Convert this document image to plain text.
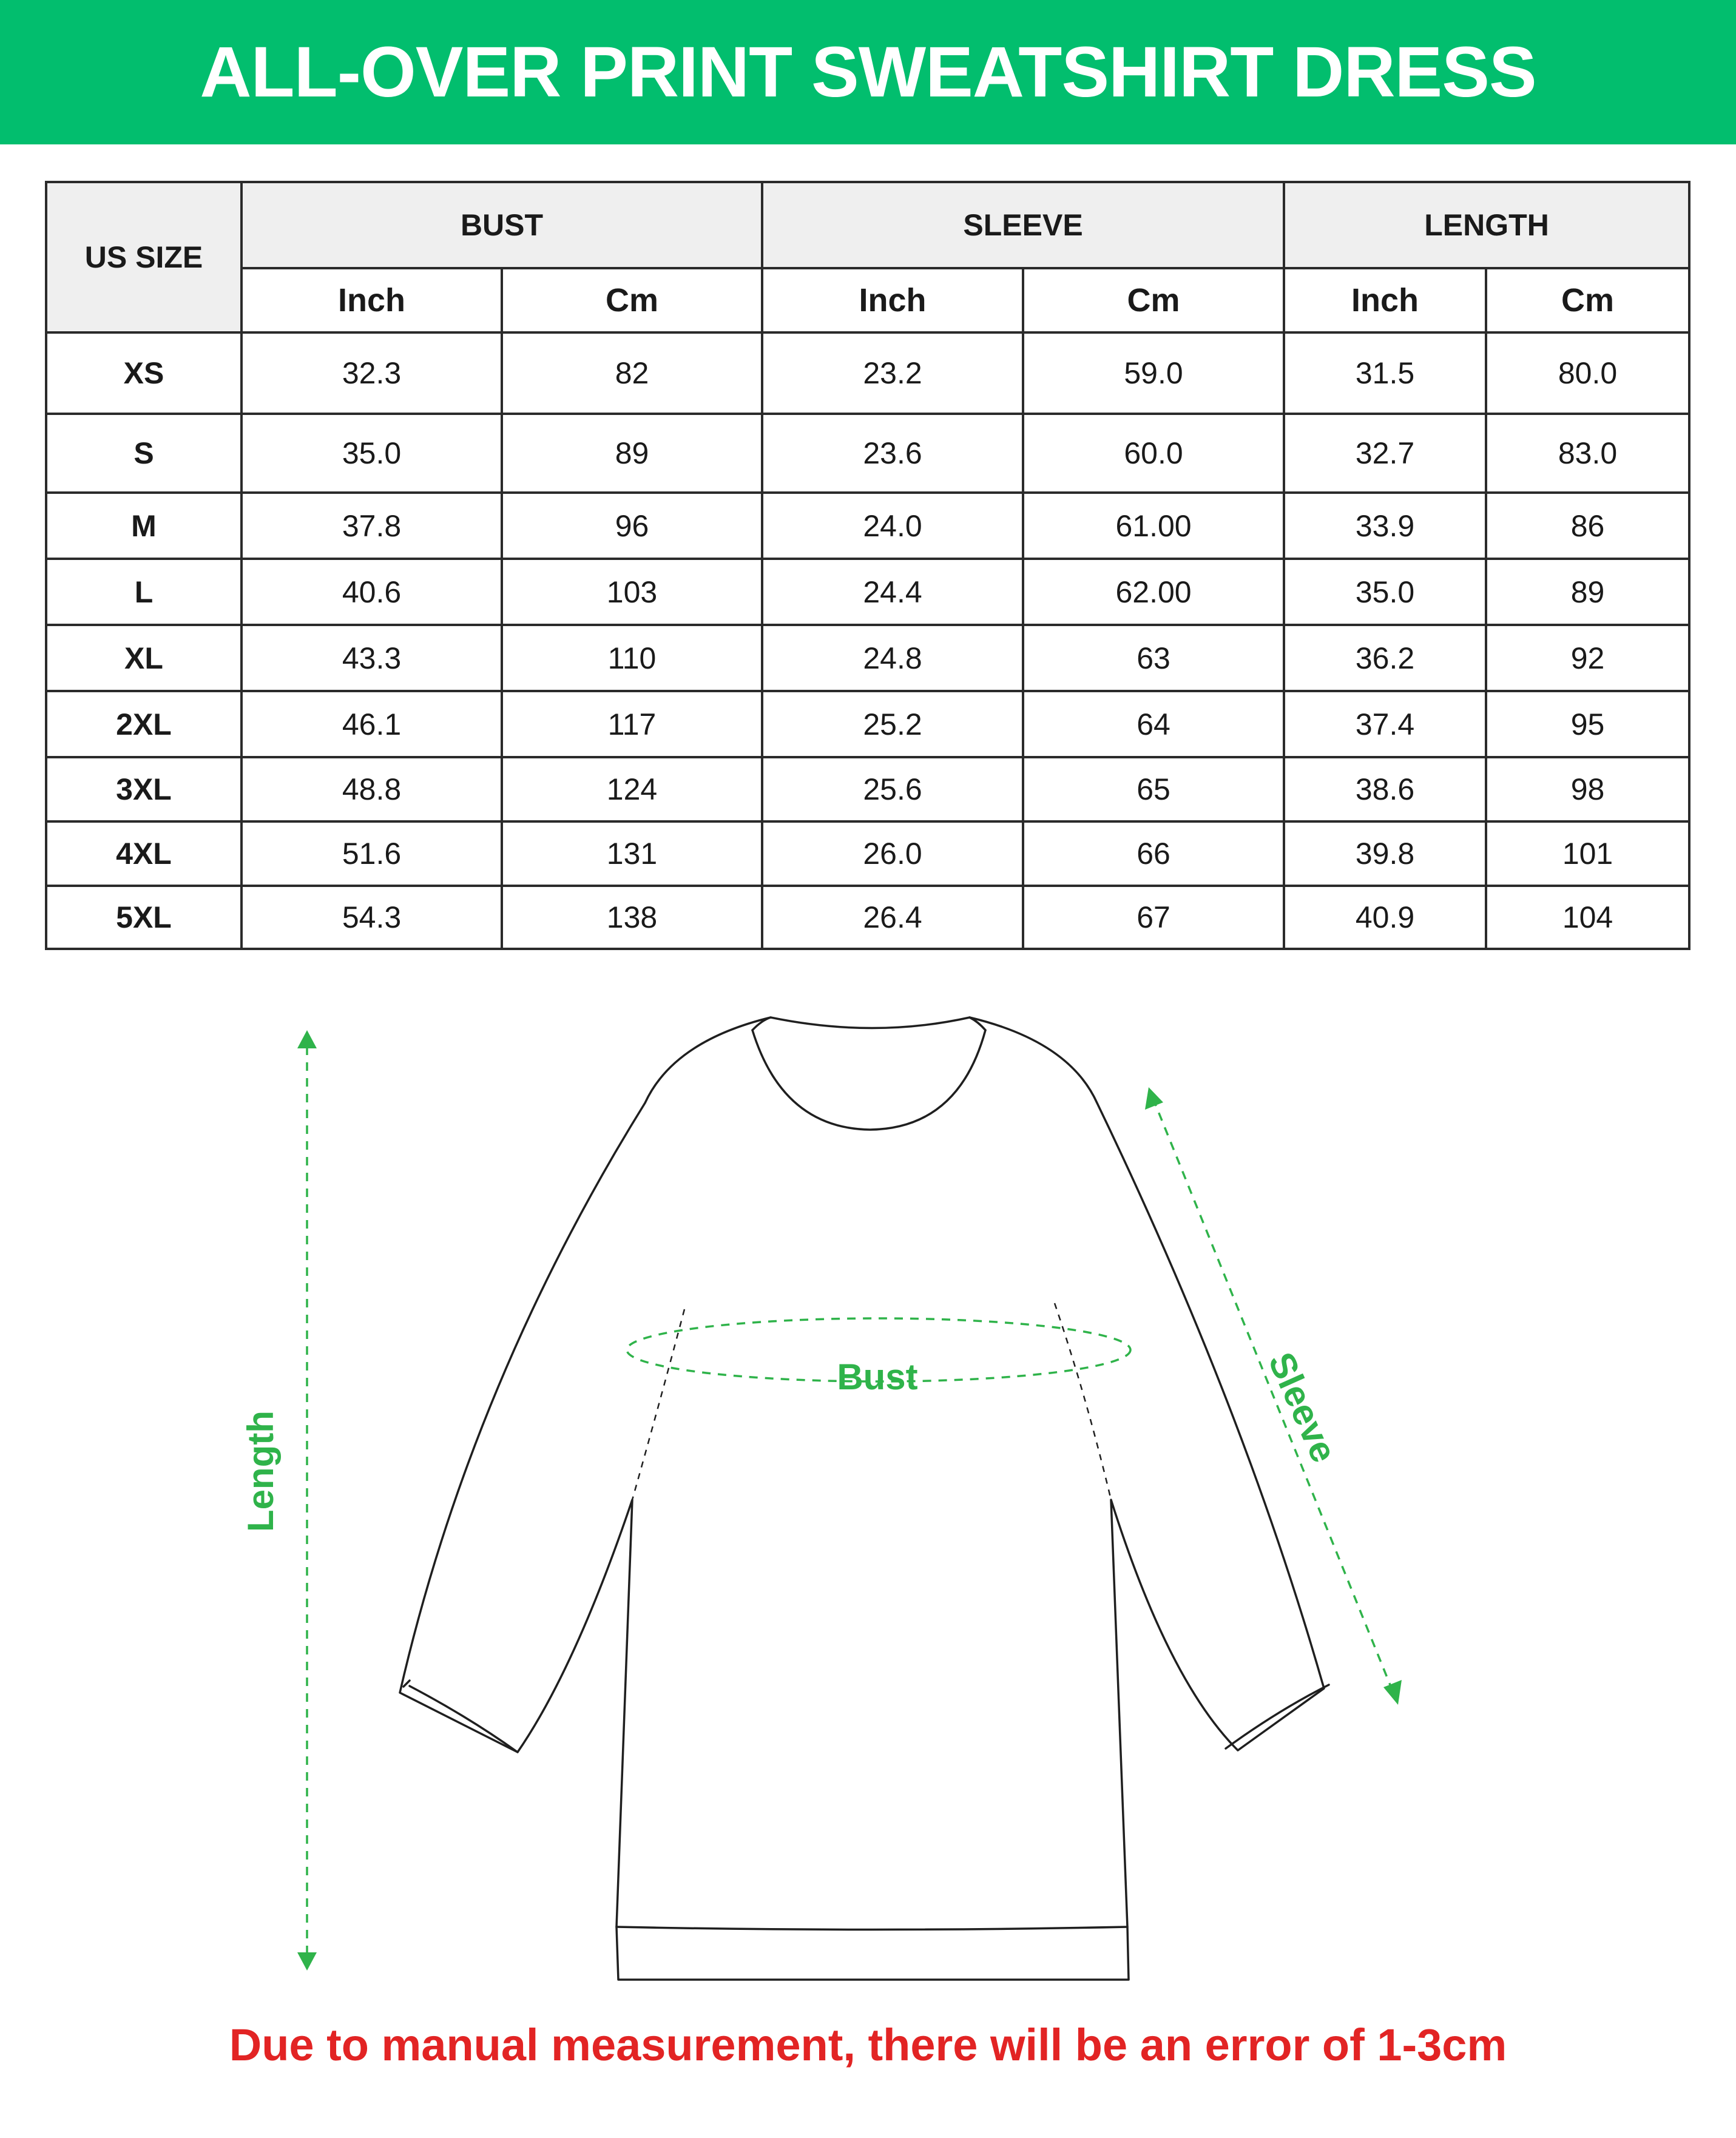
ALL-OVER PRINT SWEATSHIRT DRESS
US SIZE	BUST		SLEEVE		LENGTH	
	Inch	Cm	Inch	Cm	Inch	Cm
XS	32.3	82	23.2	59.0	31.5	80.0
S	35.0	89	23.6	60.0	32.7	83.0
M	37.8	96	24.0	61.00	33.9	86
L	40.6	103	24.4	62.00	35.0	89
XL	43.3	110	24.8	63	36.2	92
2XL	46.1	117	25.2	64	37.4	95
3XL	48.8	124	25.6	65	38.6	98
4XL	51.6	131	26.0	66	39.8	101
5XL	54.3	138	26.4	67	40.9	104
Length
Bust	Sleeve
Due to manual measurement, there will be an error of 1-3cm
